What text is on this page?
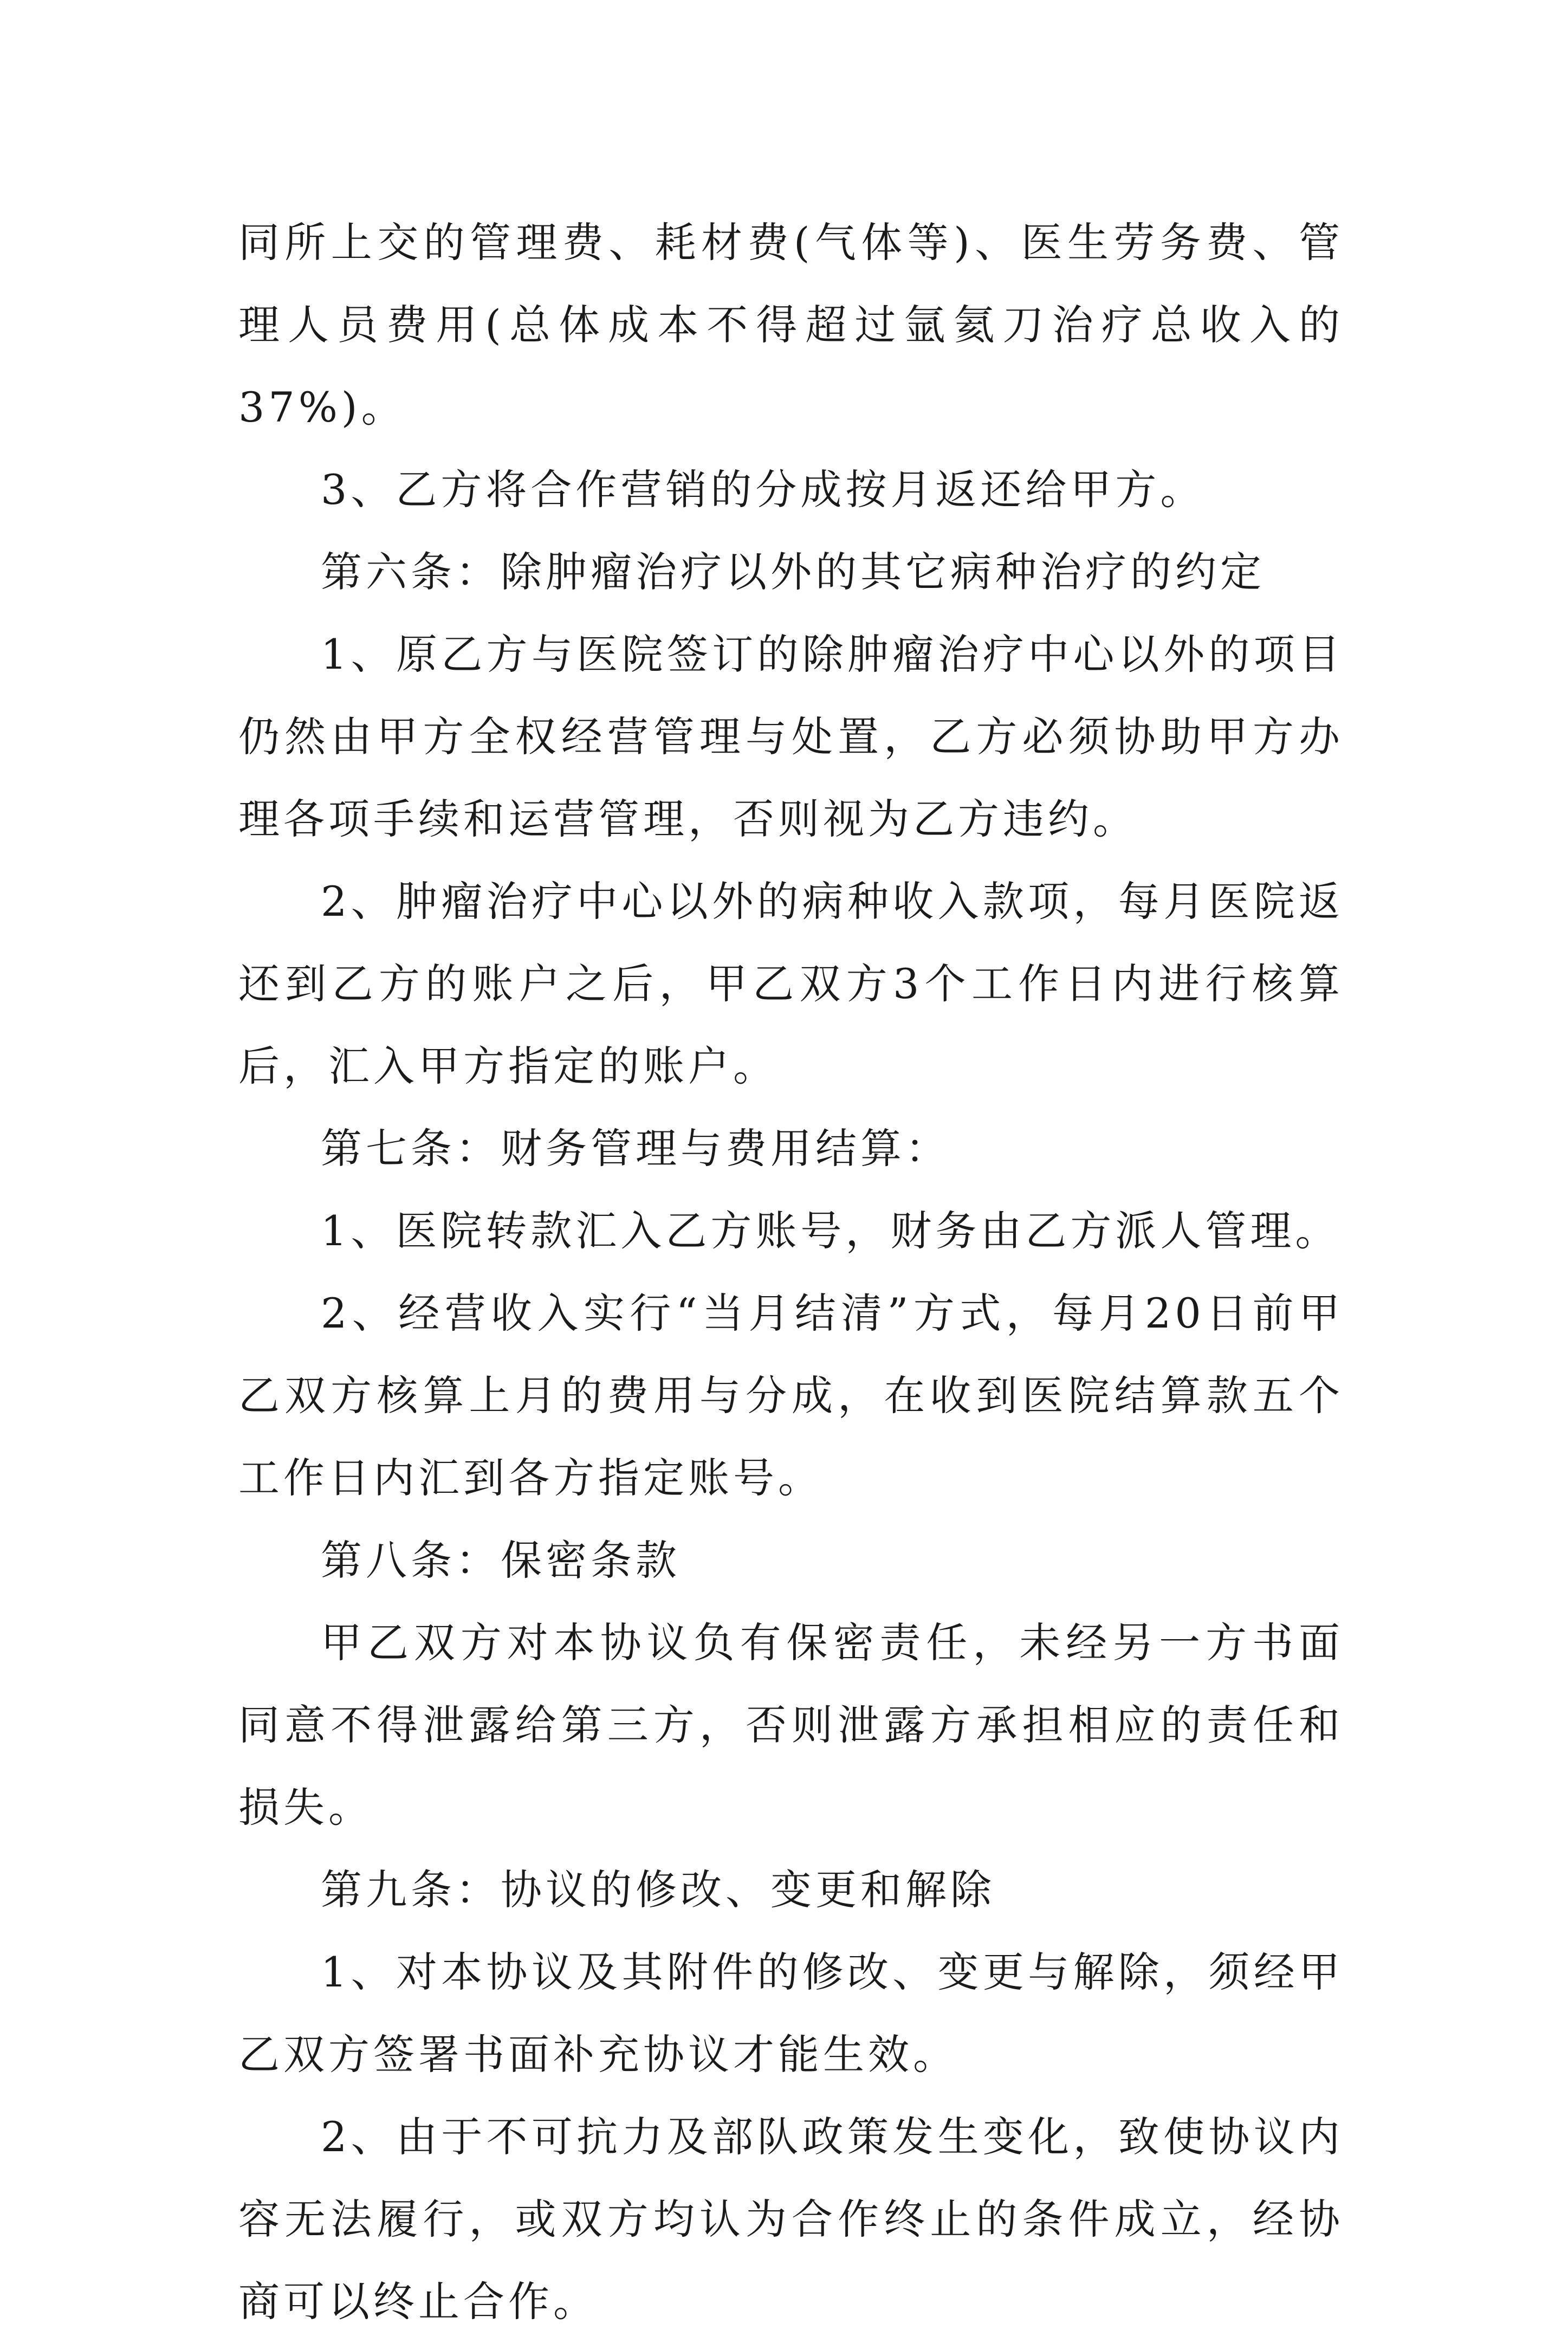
同所上交的管理费、耗材费(气体等)、医生劳务费、管理人员费用(总体成本不得超过氩氦刀治疗总收入的37%)。

3、乙方将合作营销的分成按月返还给甲方。

第六条：除肿瘤治疗以外的其它病种治疗的约定

1、原乙方与医院签订的除肿瘤治疗中心以外的项目仍然由甲方全权经营管理与处置，乙方必须协助甲方办理各项手续和运营管理，否则视为乙方违约。

2、肿瘤治疗中心以外的病种收入款项，每月医院返还到乙方的账户之后，甲乙双方3个工作日内进行核算后，汇入甲方指定的账户。

第七条：财务管理与费用结算：

1、医院转款汇入乙方账号，财务由乙方派人管理。

2、经营收入实行“当月结清”方式，每月20日前甲乙双方核算上月的费用与分成，在收到医院结算款五个工作日内汇到各方指定账号。

第八条：保密条款

甲乙双方对本协议负有保密责任，未经另一方书面同意不得泄露给第三方，否则泄露方承担相应的责任和损失。

第九条：协议的修改、变更和解除

1、对本协议及其附件的修改、变更与解除，须经甲乙双方签署书面补充协议才能生效。

2、由于不可抗力及部队政策发生变化，致使协议内容无法履行，或双方均认为合作终止的条件成立，经协商可以终止合作。
